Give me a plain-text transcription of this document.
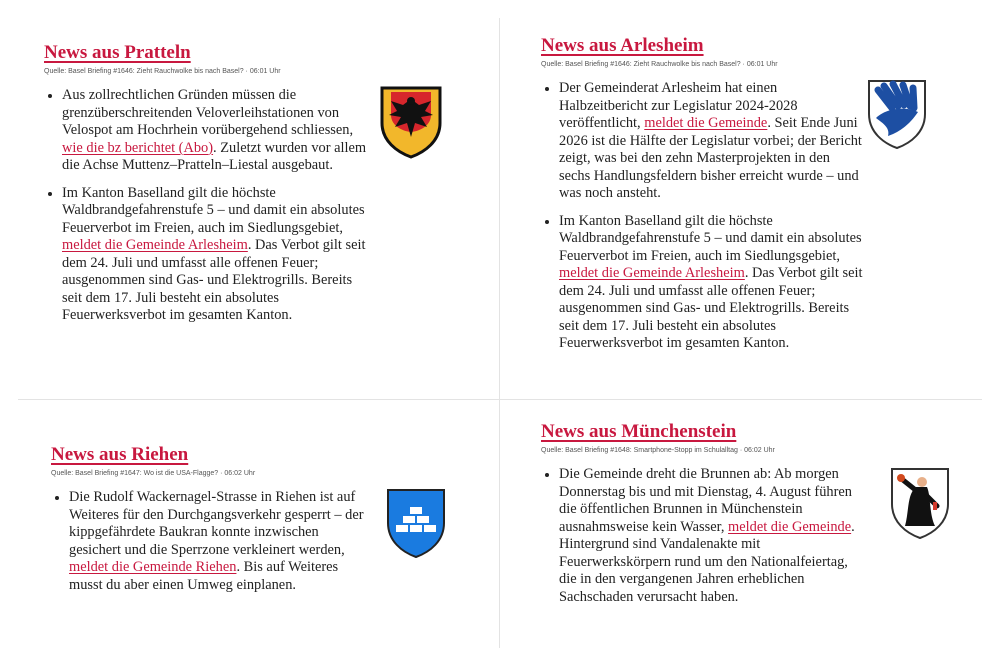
News aus Pratteln
Quelle: Basel Briefing #1646: Zieht Rauchwolke bis nach Basel? · 06:01 Uhr
• Aus zollrechtlichen Gründen müssen die grenzüberschreitenden Veloverleihstationen von Velospot am Hochrhein vorübergehend schliessen, wie die bz berichtet (Abo). Zuletzt wurden vor allem die Achse Muttenz–Pratteln–Liestal ausgebaut.
• Im Kanton Baselland gilt die höchste Waldbrandgefahrenstufe 5 – und damit ein absolutes Feuerverbot im Freien, auch im Siedlungsgebiet, meldet die Gemeinde Arlesheim. Das Verbot gilt seit dem 24. Juli und umfasst alle offenen Feuer; ausgenommen sind Gas- und Elektrogrills. Bereits seit dem 17. Juli besteht ein absolutes Feuerwerksverbot im gesamten Kanton.
News aus Arlesheim
Quelle: Basel Briefing #1646: Zieht Rauchwolke bis nach Basel? · 06:01 Uhr
• Der Gemeinderat Arlesheim hat einen Halbzeitbericht zur Legislatur 2024-2028 veröffentlicht, meldet die Gemeinde. Seit Ende Juni 2026 ist die Hälfte der Legislatur vorbei; der Bericht zeigt, was bei den zehn Masterprojekten in den sechs Handlungsfeldern bisher erreicht wurde – und was noch ansteht.
• Im Kanton Baselland gilt die höchste Waldbrandgefahrenstufe 5 – und damit ein absolutes Feuerverbot im Freien, auch im Siedlungsgebiet, meldet die Gemeinde Arlesheim. Das Verbot gilt seit dem 24. Juli und umfasst alle offenen Feuer; ausgenommen sind Gas- und Elektrogrills. Bereits seit dem 17. Juli besteht ein absolutes Feuerwerksverbot im gesamten Kanton.
News aus Riehen
Quelle: Basel Briefing #1647: Wo ist die USA-Flagge? · 06:02 Uhr
• Die Rudolf Wackernagel-Strasse in Riehen ist auf Weiteres für den Durchgangsverkehr gesperrt – der kippgefährdete Baukran konnte inzwischen gesichert und die Sperrzone verkleinert werden, meldet die Gemeinde Riehen. Bis auf Weiteres musst du aber einen Umweg einplanen.
News aus Münchenstein
Quelle: Basel Briefing #1648: Smartphone-Stopp im Schulalltag · 06:02 Uhr
• Die Gemeinde dreht die Brunnen ab: Ab morgen Donnerstag bis und mit Dienstag, 4. August führen die öffentlichen Brunnen in Münchenstein ausnahmsweise kein Wasser, meldet die Gemeinde. Hintergrund sind Vandalenakte mit Feuerwerkskörpern rund um den Nationalfeiertag, die in den vergangenen Jahren erheblichen Sachschaden verursacht haben.
